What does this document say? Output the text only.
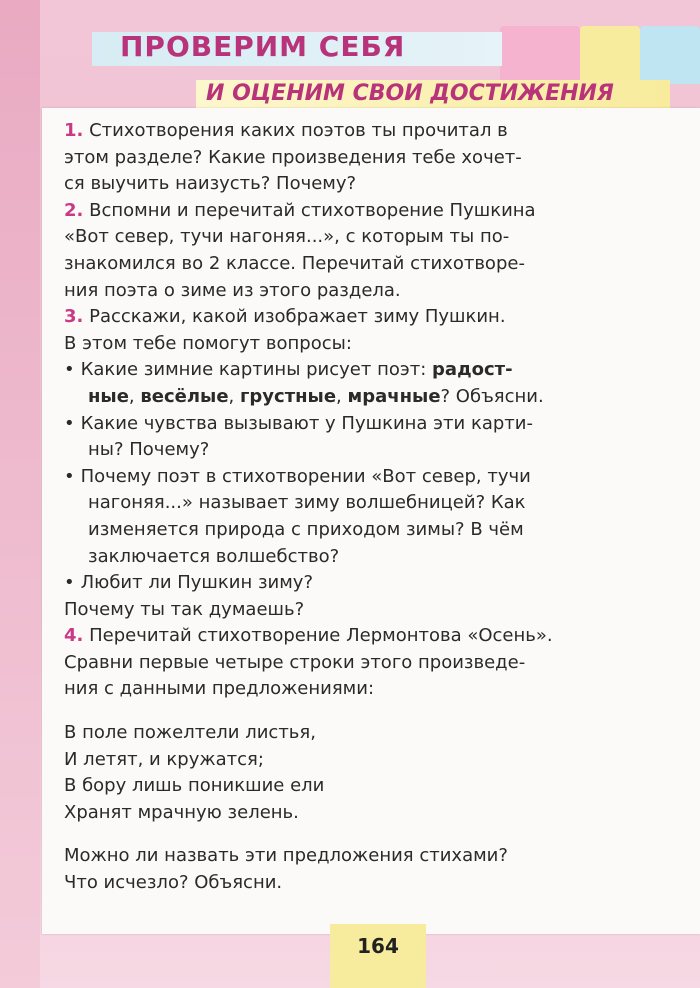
ПРОВЕРИМ СЕБЯ
И ОЦЕНИМ СВОИ ДОСТИЖЕНИЯ
1. Стихотворения каких поэтов ты прочитал в
этом разделе? Какие произведения тебе хочет-
ся выучить наизусть? Почему?
2. Вспомни и перечитай стихотворение Пушкина
«Вот север, тучи нагоняя...», с которым ты по-
знакомился во 2 классе. Перечитай стихотворе-
ния поэта о зиме из этого раздела.
3. Расскажи, какой изображает зиму Пушкин.
В этом тебе помогут вопросы:
• Какие зимние картины рисует поэт: радост-
ные, весёлые, грустные, мрачные? Объясни.
• Какие чувства вызывают у Пушкина эти карти-
ны? Почему?
• Почему поэт в стихотворении «Вот север, тучи
нагоняя...» называет зиму волшебницей? Как
изменяется природа с приходом зимы? В чём
заключается волшебство?
• Любит ли Пушкин зиму?
Почему ты так думаешь?
4. Перечитай стихотворение Лермонтова «Осень».
Сравни первые четыре строки этого произведе-
ния с данными предложениями:
В поле пожелтели листья,
И летят, и кружатся;
В бору лишь поникшие ели
Хранят мрачную зелень.
Можно ли назвать эти предложения стихами?
Что исчезло? Объясни.
164
